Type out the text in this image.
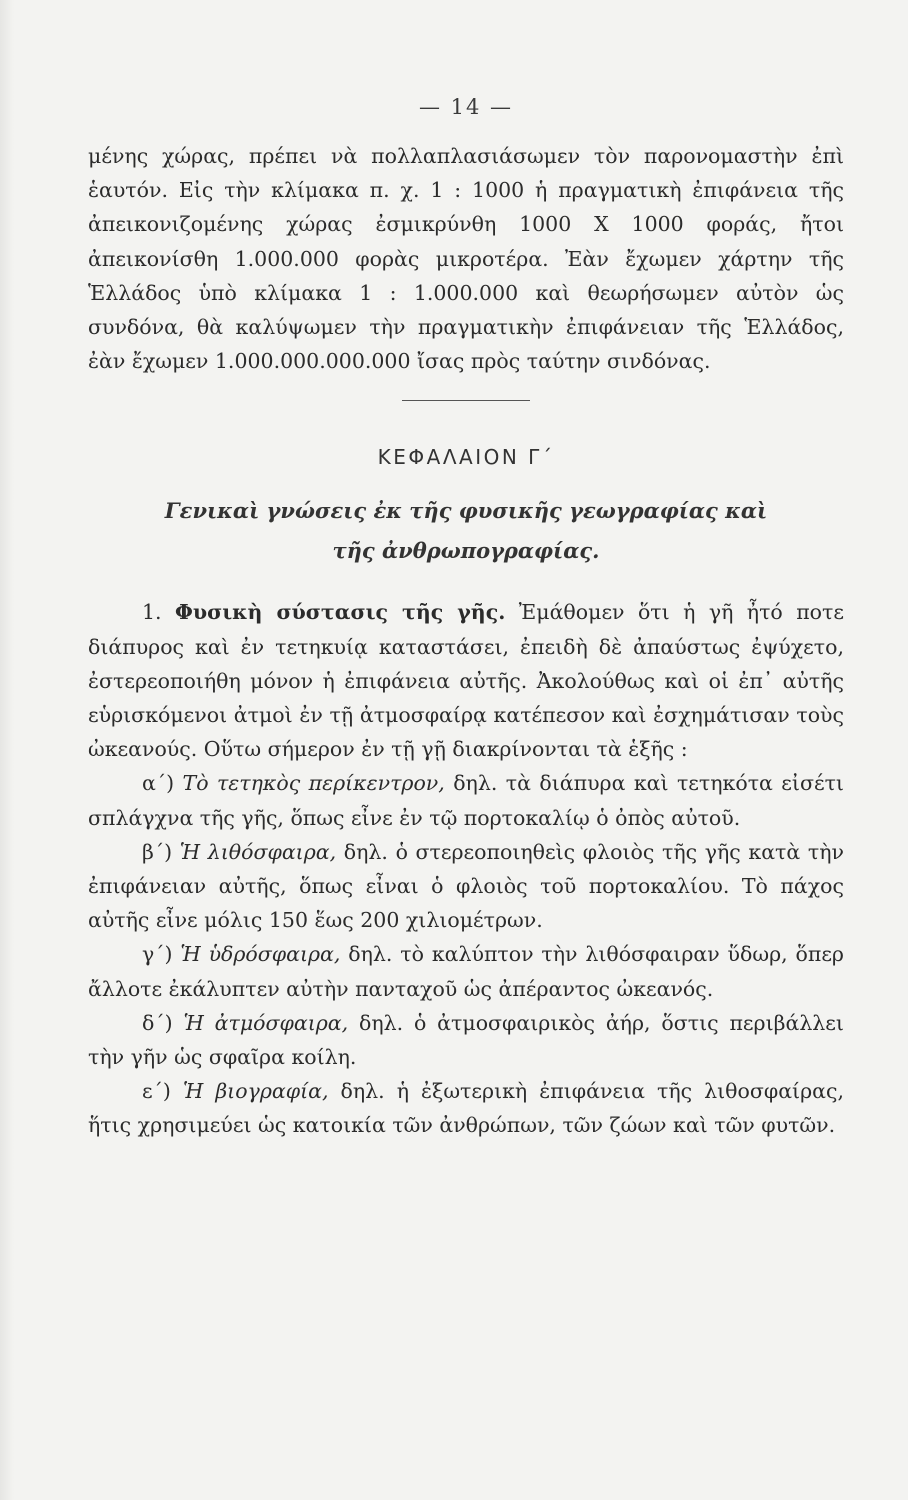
— 14 —

μένης χώρας, πρέπει νὰ πολλαπλασιάσωμεν τὸν παρονομαστὴν ἐπὶ ἑαυτόν. Εἰς τὴν κλίμακα π. χ. 1 : 1000 ἡ πραγματικὴ ἐπιφάνεια τῆς ἀπεικονιζομένης χώρας ἐσμικρύνθη 1000 X 1000 φοράς, ἤτοι ἀπεικονίσθη 1.000.000 φορὰς μικροτέρα. Ἐὰν ἔχωμεν χάρτην τῆς Ἑλλάδος ὑπὸ κλίμακα 1 : 1.000.000 καὶ θεωρήσωμεν αὐτὸν ὡς συνδόνα, θὰ καλύψωμεν τὴν πραγματικὴν ἐπιφάνειαν τῆς Ἑλλάδος, ἐὰν ἔχωμεν 1.000.000.000.000 ἴσας πρὸς ταύτην σινδόνας.

ΚΕΦΑΛΑΙΟΝ Γ΄
Γενικαὶ γνώσεις ἐκ τῆς φυσικῆς γεωγραφίας καὶ
τῆς ἀνθρωπογραφίας.

1. Φυσικὴ σύστασις τῆς γῆς. Ἐμάθομεν ὅτι ἡ γῆ ἦτό ποτε διάπυρος καὶ ἐν τετηκυίᾳ καταστάσει, ἐπειδὴ δὲ ἀπαύστως ἐψύχετο, ἐστερεοποιήθη μόνον ἡ ἐπιφάνεια αὐτῆς. Ἀκολούθως καὶ οἱ ἐπ᾽ αὐτῆς εὑρισκόμενοι ἀτμοὶ ἐν τῇ ἀτμοσφαίρᾳ κατέπεσον καὶ ἐσχημάτισαν τοὺς ὠκεανούς. Οὕτω σήμερον ἐν τῇ γῇ διακρίνονται τὰ ἑξῆς :

α΄) Τὸ τετηκὸς περίκεντρον, δηλ. τὰ διάπυρα καὶ τετηκότα εἰσέτι σπλάγχνα τῆς γῆς, ὅπως εἶνε ἐν τῷ πορτοκαλίῳ ὁ ὀπὸς αὐτοῦ.

β΄) Ἡ λιθόσφαιρα, δηλ. ὁ στερεοποιηθεὶς φλοιὸς τῆς γῆς κατὰ τὴν ἐπιφάνειαν αὐτῆς, ὅπως εἶναι ὁ φλοιὸς τοῦ πορτοκαλίου. Τὸ πάχος αὐτῆς εἶνε μόλις 150 ἕως 200 χιλιομέτρων.

γ΄) Ἡ ὑδρόσφαιρα, δηλ. τὸ καλύπτον τὴν λιθόσφαιραν ὕδωρ, ὅπερ ἄλλοτε ἐκάλυπτεν αὐτὴν πανταχοῦ ὡς ἀπέραντος ὠκεανός.

δ΄) Ἡ ἀτμόσφαιρα, δηλ. ὁ ἀτμοσφαιρικὸς ἀήρ, ὅστις περιβάλλει τὴν γῆν ὡς σφαῖρα κοίλη.

ε΄) Ἡ βιογραφία, δηλ. ἡ ἐξωτερικὴ ἐπιφάνεια τῆς λιθοσφαίρας, ἥτις χρησιμεύει ὡς κατοικία τῶν ἀνθρώπων, τῶν ζώων καὶ τῶν φυτῶν.
